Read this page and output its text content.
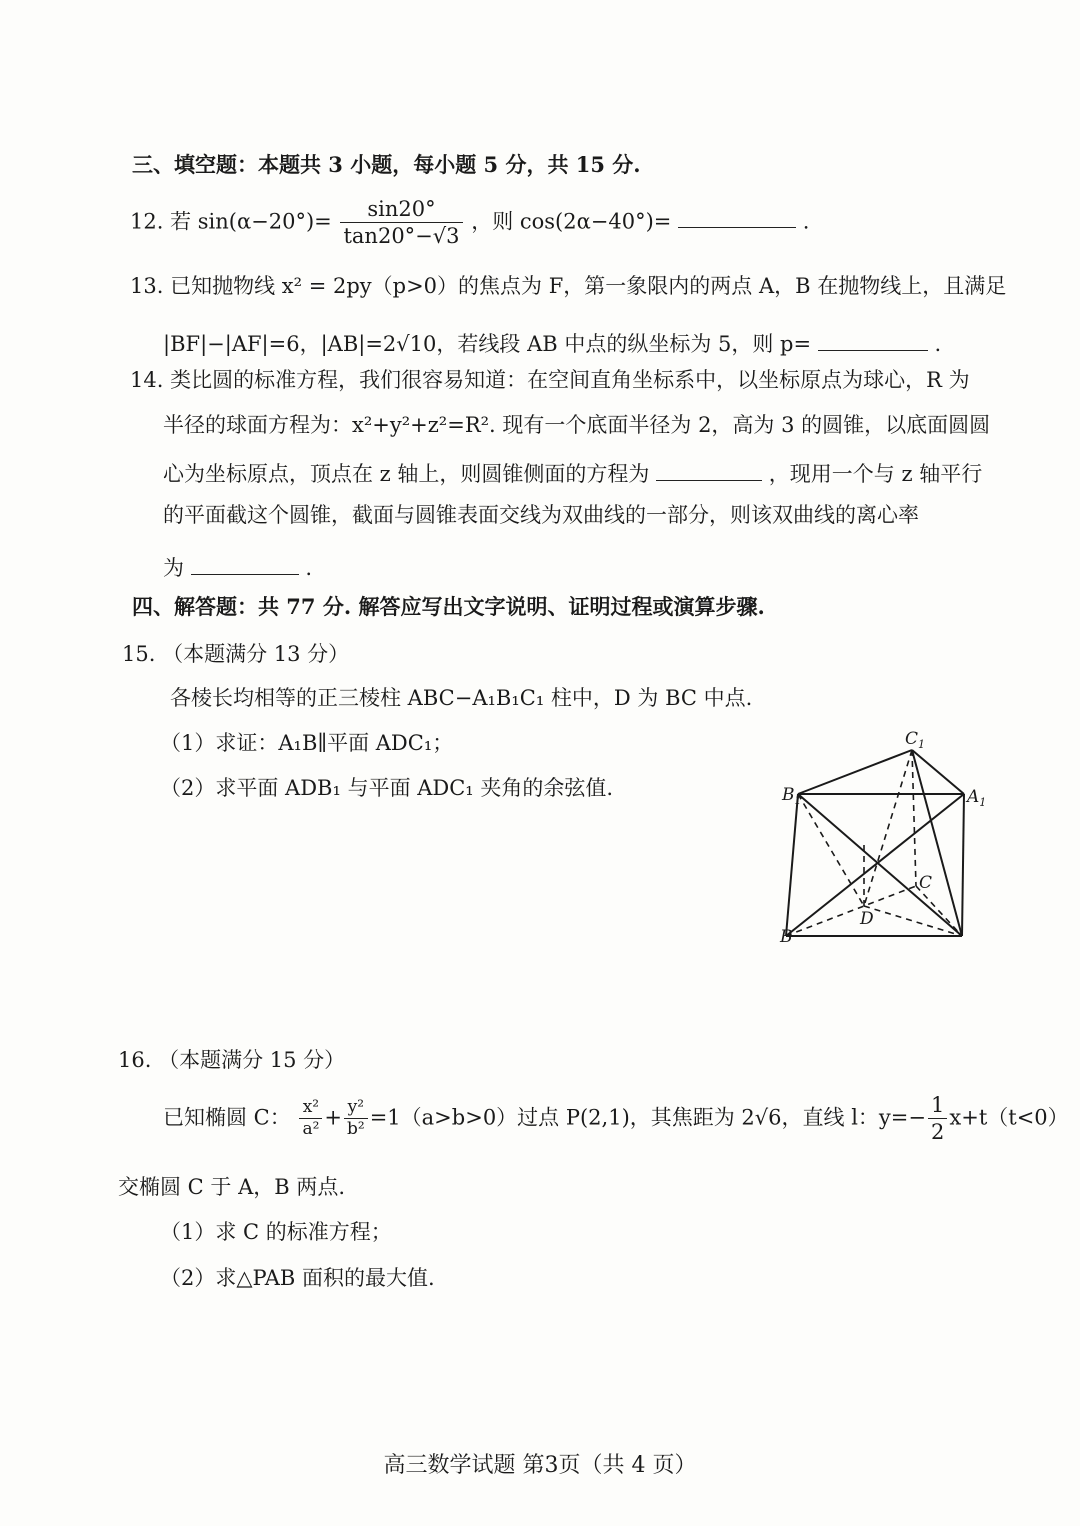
三、填空题：本题共 3 小题，每小题 5 分，共 15 分.
12. 若 $\sin(\alpha-20^\circ)= \frac{\sin 20^\circ}{\tan 20^\circ-√3}$ ，则 cos(2α−40°)=	.
13. 已知抛物线 x² = 2py（p>0）的焦点为 F，第一象限内的两点 A，B 在抛物线上，且满足
|BF|−|AF|=6，|AB|=2√10，若线段 AB 中点的纵坐标为 5，则 p=	.
14. 类比圆的标准方程，我们很容易知道：在空间直角坐标系中，以坐标原点为球心，R 为
半径的球面方程为：x²+y²+z²=R². 现有一个底面半径为 2，高为 3 的圆锥，以底面圆圆
心为坐标原点，顶点在 z 轴上，则圆锥侧面的方程为	，现用一个与 z 轴平行
的平面截这个圆锥，截面与圆锥表面交线为双曲线的一部分，则该双曲线的离心率
为	.
四、解答题：共 77 分. 解答应写出文字说明、证明过程或演算步骤.
15. （本题满分 13 分）
各棱长均相等的正三棱柱 ABC−A₁B₁C₁ 柱中，D 为 BC 中点.
（1）求证：A₁B∥平面 ADC₁；
（2）求平面 ADB₁ 与平面 ADC₁ 夹角的余弦值.
$C_1$
$B_1$	$A_1$
C
D
B
16. （本题满分 15 分）
已知椭圆 C： $\frac{\text{x²}}{\text{a²}} + \frac{\text{y²}}{\text{b²}} =1(a>b>0)$过点 P(2,1)，其焦距为 2√6，直线 l：$y=- \frac{1}{2} x+t(t<0)$
交椭圆 C 于 A，B 两点.
（1）求 C 的标准方程；
（2）求△PAB 面积的最大值.
高三数学试题 第3页（共 4 页）
